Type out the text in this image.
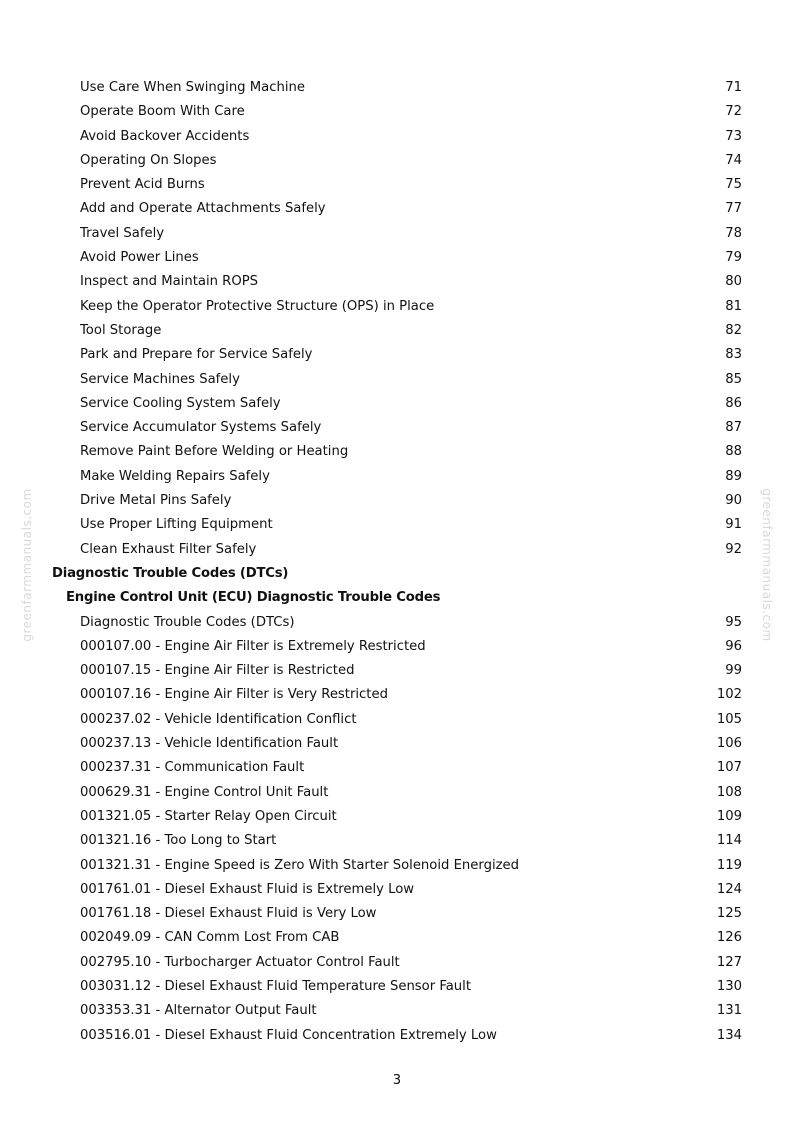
greenfarmmanuals.com	greenfarmmanuals.com
Use Care When Swinging Machine	71
Operate Boom With Care	72
Avoid Backover Accidents	73
Operating On Slopes	74
Prevent Acid Burns	75
Add and Operate Attachments Safely	77
Travel Safely	78
Avoid Power Lines	79
Inspect and Maintain ROPS	80
Keep the Operator Protective Structure (OPS) in Place	81
Tool Storage	82
Park and Prepare for Service Safely	83
Service Machines Safely	85
Service Cooling System Safely	86
Service Accumulator Systems Safely	87
Remove Paint Before Welding or Heating	88
Make Welding Repairs Safely	89
Drive Metal Pins Safely	90
Use Proper Lifting Equipment	91
Clean Exhaust Filter Safely	92
Diagnostic Trouble Codes (DTCs)
Engine Control Unit (ECU) Diagnostic Trouble Codes
Diagnostic Trouble Codes (DTCs)	95
000107.00 - Engine Air Filter is Extremely Restricted	96
000107.15 - Engine Air Filter is Restricted	99
000107.16 - Engine Air Filter is Very Restricted	102
000237.02 - Vehicle Identification Conflict	105
000237.13 - Vehicle Identification Fault	106
000237.31 - Communication Fault	107
000629.31 - Engine Control Unit Fault	108
001321.05 - Starter Relay Open Circuit	109
001321.16 - Too Long to Start	114
001321.31 - Engine Speed is Zero With Starter Solenoid Energized	119
001761.01 - Diesel Exhaust Fluid is Extremely Low	124
001761.18 - Diesel Exhaust Fluid is Very Low	125
002049.09 - CAN Comm Lost From CAB	126
002795.10 - Turbocharger Actuator Control Fault	127
003031.12 - Diesel Exhaust Fluid Temperature Sensor Fault	130
003353.31 - Alternator Output Fault	131
003516.01 - Diesel Exhaust Fluid Concentration Extremely Low	134
3
